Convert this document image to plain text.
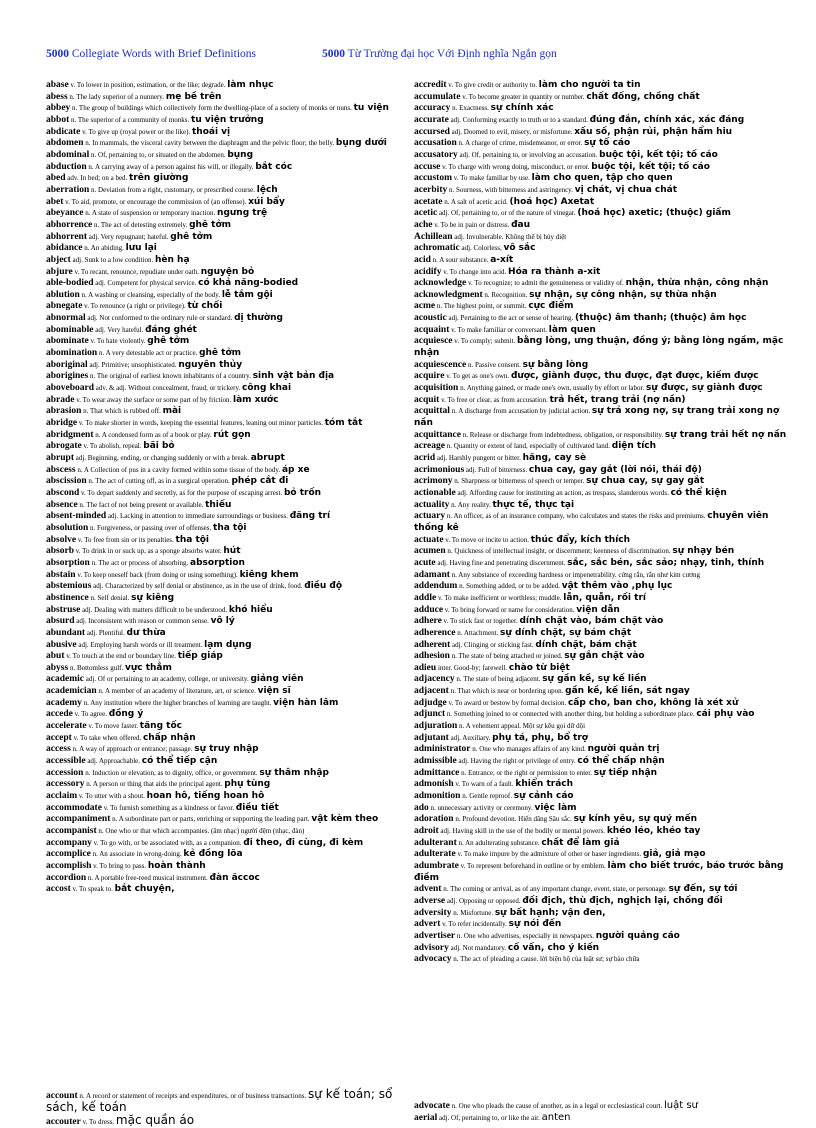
5000 Collegiate Words with Brief Definitions	5000 Từ Trường đại học Với Định nghĩa Ngắn gọn
abase v. To lower in position, estimation, or the like; degrade. làm nhục
abess n. The lady superior of a nunnery. mẹ bề trên
abbey n. The group of buildings which collectively form the dwelling-place of a society of monks or nuns. tu viện
abbot n. The superior of a community of monks. tu viện trưởng
abdicate v. To give up (royal power or the like). thoái vị
abdomen n. In mammals, the visceral cavity between the diaphragm and the pelvic floor; the belly. bụng dưới
abdominal n. Of, pertaining to, or situated on the abdomen. bụng
abduction n. A carrying away of a person against his will, or illegally. bắt cóc
abed adv. In bed; on a bed. trên giường
aberration n. Deviation from a right, customary, or prescribed course. lệch
abet v. To aid, promote, or encourage the commission of (an offense). xúi bẩy
abeyance n. A state of suspension or temporary inaction. ngưng trệ
abhorrence n. The act of detesting extremely. ghê tởm
abhorrent adj. Very repugnant; hateful. ghê tởm
abidance n. An abiding. lưu lại
abject adj. Sunk to a low condition. hèn hạ
abjure v. To recant, renounce, repudiate under oath. nguyện bỏ
able-bodied adj. Competent for physical service. có khả năng-bodied
ablution n. A washing or cleansing, especially of the body. lễ tắm gội
abnegate v. To renounce (a right or privilege). từ chối
abnormal adj. Not conformed to the ordinary rule or standard. dị thường
abominable adj. Very hateful. đáng ghét
abominate v. To hate violently. ghê tởm
abomination n. A very detestable act or practice. ghê tởm
aboriginal adj. Primitive; unsophisticated. nguyên thủy
aborigines n. The original of earliest known inhabitants of a country. sinh vật bản địa
aboveboard adv. & adj. Without concealment, fraud, or trickery. công khai
abrade v. To wear away the surface or some part of by friction. làm xước
abrasion n. That which is rubbed off. mài
abridge v. To make shorter in words, keeping the essential features, leaning out minor particles. tóm tắt
abridgment n. A condensed form as of a book or play. rút gọn
abrogate v. To abolish, repeal. bãi bỏ
abrupt adj. Beginning, ending, or changing suddenly or with a break. abrupt
abscess n. A Collection of pus in a cavity formed within some tissue of the body. áp xe
abscission n. The act of cutting off, as in a surgical operation. phép cắt đi
abscond v. To depart suddenly and secretly, as for the purpose of escaping arrest. bỏ trốn
absence n. The fact of not being present or available. thiếu
absent-minded adj. Lacking in attention to immediate surroundings or business. đãng trí
absolution n. Forgiveness, or passing over of offenses. tha tội
absolve v. To free from sin or its penalties. tha tội
absorb v. To drink in or suck up, as a sponge absorbs water. hút
absorption n. The act or process of absorbing. absorption
abstain v. To keep oneself back (from doing or using something). kiêng khem
abstemious adj. Characterized by self denial or abstinence, as in the use of drink, food. điều độ
abstinence n. Self denial. sự kiêng
abstruse adj. Dealing with matters difficult to be understood. khó hiểu
absurd adj. Inconsistent with reason or common sense. vô lý
abundant adj. Plentiful. dư thừa
abusive adj. Employing harsh words or ill treatment. lạm dụng
abut v. To touch at the end or boundary line. tiếp giáp
abyss n. Bottomless gulf. vực thẳm
academic adj. Of or pertaining to an academy, college, or university. giảng viên
academician n. A member of an academy of literature, art, or science. viện sĩ
academy n. Any institution where the higher branches of learning are taught. viện hàn lâm
accede v. To agree. đồng ý
accelerate v. To move faster. tăng tốc
accept v. To take when offered. chấp nhận
access n. A way of approach or entrance; passage. sự truy nhập
accessible adj. Approachable. có thể tiếp cận
accession n. Induction or elevation, as to dignity, office, or government. sự thâm nhập
accessory n. A person or thing that aids the principal agent. phụ tùng
acclaim v. To utter with a shout. hoan hô, tiếng hoan hô
accommodate v. To furnish something as a kindness or favor. điều tiết
accompaniment n. A subordinate part or parts, enriching or supporting the leading part. vật kèm theo
accompanist n. One who or that which accompanies. (âm nhạc) người đệm (nhạc, đàn)
accompany v. To go with, or be associated with, as a companion. đi theo, đi cùng, đi kèm
accomplice n. An associate in wrong-doing. kẻ đồng lõa
accomplish v. To bring to pass. hoàn thành
accordion n. A portable free-reed musical instrument. đàn ăccoc
accost v. To speak to. bắt chuyện,
accredit v. To give credit or authority to. làm cho người ta tin
accumulate v. To become greater in quantity or number. chất đống, chồng chất
accuracy n. Exactness. sự chính xác
accurate adj. Conforming exactly to truth or to a standard. đúng đắn, chính xác, xác đáng
accursed adj. Doomed to evil, misery, or misfortune. xấu số, phận rủi, phận hẩm hiu
accusation n. A charge of crime, misdemeanor, or error. sự tố cáo
accusatory adj. Of, pertaining to, or involving an accusation. buộc tội, kết tội; tố cáo
accuse v. To charge with wrong doing, misconduct, or error. buộc tội, kết tội; tố cáo
accustom v. To make familiar by use. làm cho quen, tập cho quen
acerbity n. Sourness, with bitterness and astringency. vị chát, vị chua chát
acetate n. A salt of acetic acid. (hoá học) Axetat
acetic adj. Of, pertaining to, or of the nature of vinegar. (hoá học) axetic; (thuộc) giấm
ache v. To be in pain or distress. đau
Achillean adj. Invulnerable. Không thể bị hủy diệt
achromatic adj. Colorless, vô sắc
acid n. A sour substance. a-xít
acidify v. To change into acid. Hóa ra thành a-xit
acknowledge v. To recognize; to admit the genuineness or validity of. nhận, thừa nhận, công nhận
acknowledgment n. Recognition. sự nhận, sự công nhận, sự thừa nhận
acme n. The highest point, or summit. cực điểm
acoustic adj. Pertaining to the act or sense of hearing. (thuộc) âm thanh; (thuộc) âm học
acquaint v. To make familiar or conversant. làm quen
acquiesce v. To comply; submit. bằng lòng, ưng thuận, đồng ý; bằng lòng ngầm, mặc nhận
acquiescence n. Passive consent. sự bằng lòng
acquire v. To get as one's own. được, giành được, thu được, đạt được, kiếm được
acquisition n. Anything gained, or made one's own, usually by effort or labor. sự được, sự giành được
acquit v. To free or clear, as from accusation. trả hết, trang trải (nợ nần)
acquittal n. A discharge from accusation by judicial action. sự trả xong nợ, sự trang trải xong nợ nần
acquittance n. Release or discharge from indebtedness, obligation, or responsibility. sự trang trải hết nợ nần
acreage n. Quantity or extent of land, especially of cultivated land. diện tích
acrid adj. Harshly pungent or bitter. hăng, cay sè
acrimonious adj. Full of bitterness. chua cay, gay gắt (lời nói, thái độ)
acrimony n. Sharpness or bitterness of speech or temper. sự chua cay, sự gay gắt
actionable adj. Affording cause for instituting an action, as trespass, slanderous words. có thể kiện
actuality n. Any reality. thực tế, thực tại
actuary n. An officer, as of an insurance company, who calculates and states the risks and premiums. chuyên viên thống kê
actuate v. To move or incite to action. thúc đẩy, kích thích
acumen n. Quickness of intellectual insight, or discernment; keenness of discrimination. sự nhạy bén
acute adj. Having fine and penetrating discernment. sắc, sắc bén, sắc sảo; nhạy, tinh, thính
adamant n. Any substance of exceeding hardness or impenetrability. cứng rắn, rắn như kim cương
addendum n. Something added, or to be added. vật thêm vào ,phụ lục
addle v. To make inefficient or worthless; muddle. lẫn, quẫn, rối trí
adduce v. To bring forward or name for consideration. viện dẫn
adhere v. To stick fast or together. dính chặt vào, bám chặt vào
adherence n. Attachment. sự dính chặt, sự bám chặt
adherent adj. Clinging or sticking fast. dính chặt, bám chặt
adhesion n. The state of being attached or joined. sự gắn chặt vào
adieu inter. Good-by; farewell. chào từ biệt
adjacency n. The state of being adjacent. sự gần kề, sự kế liền
adjacent n. That which is near or bordering upon. gần kề, kế liền, sát ngay
adjudge v. To award or bestow by formal decision. cấp cho, ban cho, không là xét xử
adjunct n. Something joined to or connected with another thing, but holding a subordinate place. cái phụ vào
adjuration n. A vehement appeal. Một sự kêu gọi dữ dội
adjutant adj. Auxiliary. phụ tá, phụ, bổ trợ
administrator n. One who manages affairs of any kind. người quản trị
admissible adj. Having the right or privilege of entry. có thể chấp nhận
admittance n. Entrance, or the right or permission to enter. sự tiếp nhận
admonish v. To warn of a fault. khiển trách
admonition n. Gentle reproof. sự cảnh cáo
ado n. unnecessary activity or ceremony. việc làm
adoration n. Profound devotion. Hiến dâng Sâu sắc. sự kính yêu, sự quý mến
adroit adj. Having skill in the use of the bodily or mental powers. khéo léo, khéo tay
adulterant n. An adulterating substance. chất để làm giả
adulterate v. To make impure by the admixture of other or baser ingredients. giả, giả mạo
adumbrate v. To represent beforehand in outline or by emblem. làm cho biết trước, báo trước bằng điềm
advent n. The coming or arrival, as of any important change, event, state, or personage. sự đến, sự tới
adverse adj. Opposing or opposed. đối địch, thù địch, nghịch lại, chống đối
adversity n. Misfortune. sự bất hạnh; vận đen,
advert v. To refer incidentally. sự nói đến
advertiser n. One who advertises, especially in newspapers. người quảng cáo
advisory adj. Not mandatory. cố vấn, cho ý kiến
advocacy n. The act of pleading a cause. lời biện hộ của luật sư; sự bào chữa
account n. A record or statement of receipts and expenditures, or of business transactions. sự kế toán; sổ sách, kế toán
accouter v. To dress. mặc quần áo
advocate n. One who pleads the cause of another, as in a legal or ecclesiastical court. luật sư
aerial adj. Of, pertaining to, or like the air. anten
